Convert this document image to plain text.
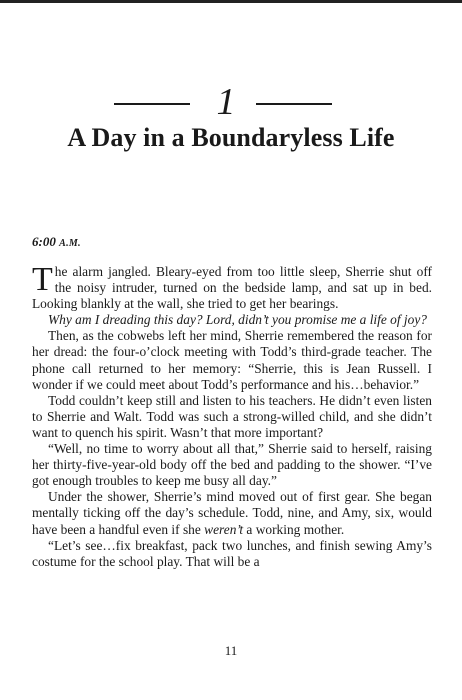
1
A Day in a Boundaryless Life
6:00 A.M.

The alarm jangled. Bleary-eyed from too little sleep, Sherrie shut off the noisy intruder, turned on the bedside lamp, and sat up in bed. Looking blankly at the wall, she tried to get her bearings.

Why am I dreading this day? Lord, didn’t you promise me a life of joy?

Then, as the cobwebs left her mind, Sherrie remembered the reason for her dread: the four-o’clock meeting with Todd’s third-grade teacher. The phone call returned to her memory: “Sherrie, this is Jean Russell. I wonder if we could meet about Todd’s performance and his…behavior.”

Todd couldn’t keep still and listen to his teachers. He didn’t even listen to Sherrie and Walt. Todd was such a strong-willed child, and she didn’t want to quench his spirit. Wasn’t that more important?

“Well, no time to worry about all that,” Sherrie said to herself, raising her thirty-five-year-old body off the bed and padding to the shower. “I’ve got enough troubles to keep me busy all day.”

Under the shower, Sherrie’s mind moved out of first gear. She began mentally ticking off the day’s schedule. Todd, nine, and Amy, six, would have been a handful even if she weren’t a working mother.

“Let’s see…fix breakfast, pack two lunches, and finish sewing Amy’s costume for the school play. That will be a

11
